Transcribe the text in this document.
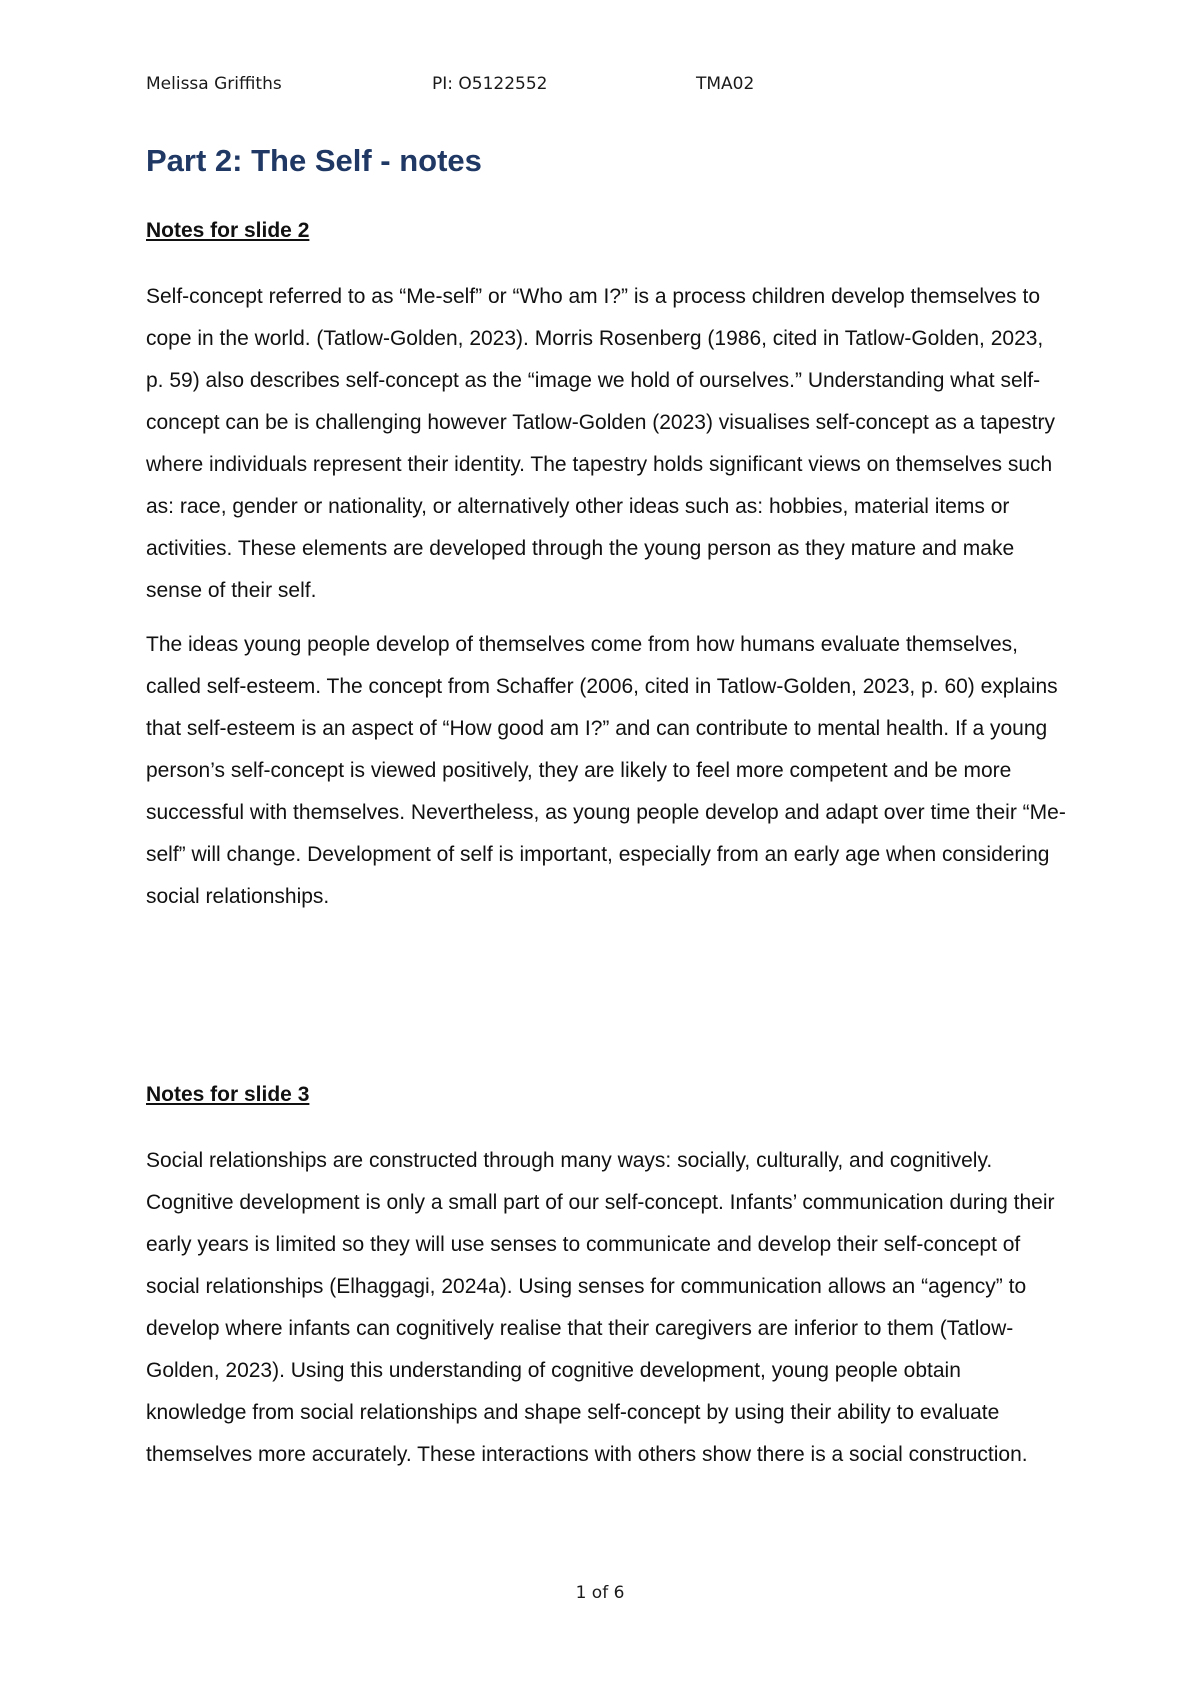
Melissa Griffiths	PI: O5122552	TMA02
Part 2: The Self - notes

Notes for slide 2

Self-concept referred to as “Me-self” or “Who am I?” is a process children develop themselves to cope in the world. (Tatlow-Golden, 2023). Morris Rosenberg (1986, cited in Tatlow-Golden, 2023, p. 59) also describes self-concept as the “image we hold of ourselves.” Understanding what self-concept can be is challenging however Tatlow-Golden (2023) visualises self-concept as a tapestry where individuals represent their identity. The tapestry holds significant views on themselves such as: race, gender or nationality, or alternatively other ideas such as: hobbies, material items or activities. These elements are developed through the young person as they mature and make sense of their self.

The ideas young people develop of themselves come from how humans evaluate themselves, called self-esteem. The concept from Schaffer (2006, cited in Tatlow-Golden, 2023, p. 60) explains that self-esteem is an aspect of “How good am I?” and can contribute to mental health. If a young person’s self-concept is viewed positively, they are likely to feel more competent and be more successful with themselves. Nevertheless, as young people develop and adapt over time their “Me-self” will change. Development of self is important, especially from an early age when considering social relationships.

Notes for slide 3

Social relationships are constructed through many ways: socially, culturally, and cognitively. Cognitive development is only a small part of our self-concept. Infants’ communication during their early years is limited so they will use senses to communicate and develop their self-concept of social relationships (Elhaggagi, 2024a). Using senses for communication allows an “agency” to develop where infants can cognitively realise that their caregivers are inferior to them (Tatlow-Golden, 2023). Using this understanding of cognitive development, young people obtain knowledge from social relationships and shape self-concept by using their ability to evaluate themselves more accurately. These interactions with others show there is a social construction.

1 of 6
